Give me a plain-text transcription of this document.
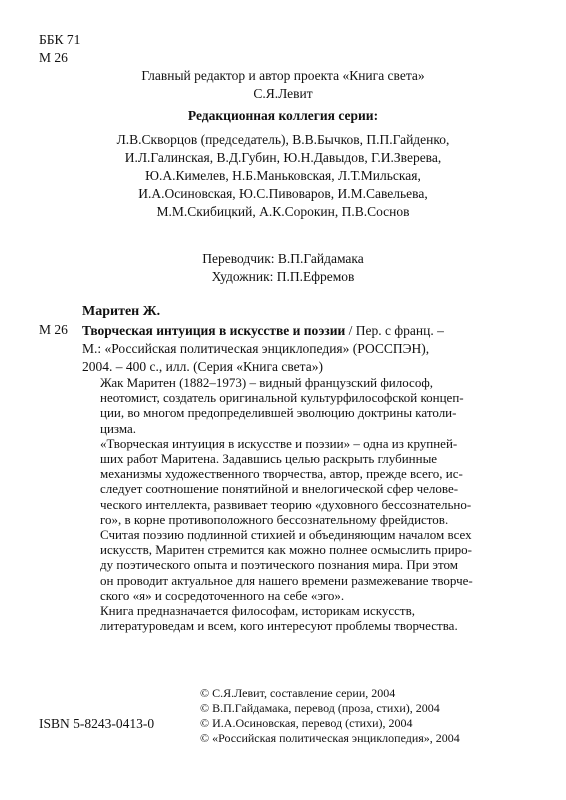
ББК 71
М 26
Главный редактор и автор проекта «Книга света»
С.Я.Левит
Редакционная коллегия серии:
Л.В.Скворцов (председатель), В.В.Бычков, П.П.Гайденко,
И.Л.Галинская, В.Д.Губин, Ю.Н.Давыдов, Г.И.Зверева,
Ю.А.Кимелев, Н.Б.Маньковская, Л.Т.Мильская,
И.А.Осиновская, Ю.С.Пивоваров, И.М.Савельева,
М.М.Скибицкий, А.К.Сорокин, П.В.Соснов
Переводчик: В.П.Гайдамака
Художник: П.П.Ефремов
Маритен Ж.
М 26 Творческая интуиция в искусстве и поэзии / Пер. с франц. –
М.: «Российская политическая энциклопедия» (РОССПЭН),
2004. – 400 с., илл. (Серия «Книга света»)

Жак Маритен (1882–1973) – видный французский философ,
неотомист, создатель оригинальной культурфилософской концеп-
ции, во многом предопределившей эволюцию доктрины католи-
цизма.

«Творческая интуиция в искусстве и поэзии» – одна из крупней-
ших работ Маритена. Задавшись целью раскрыть глубинные
механизмы художественного творчества, автор, прежде всего, ис-
следует соотношение понятийной и внелогической сфер челове-
ческого интеллекта, развивает теорию «духовного бессознательно-
го», в корне противоположного бессознательному фрейдистов.
Считая поэзию подлинной стихией и объединяющим началом всех
искусств, Маритен стремится как можно полнее осмыслить приро-
ду поэтического опыта и поэтического познания мира. При этом
он проводит актуальное для нашего времени размежевание творче-
ского «я» и сосредоточенного на себе «эго».

Книга предназначается философам, историкам искусств,
литературоведам и всем, кого интересуют проблемы творчества.

© С.Я.Левит, составление серии, 2004
© В.П.Гайдамака, перевод (проза, стихи), 2004
© И.А.Осиновская, перевод (стихи), 2004
© «Российская политическая энциклопедия», 2004
ISBN 5-8243-0413-0
